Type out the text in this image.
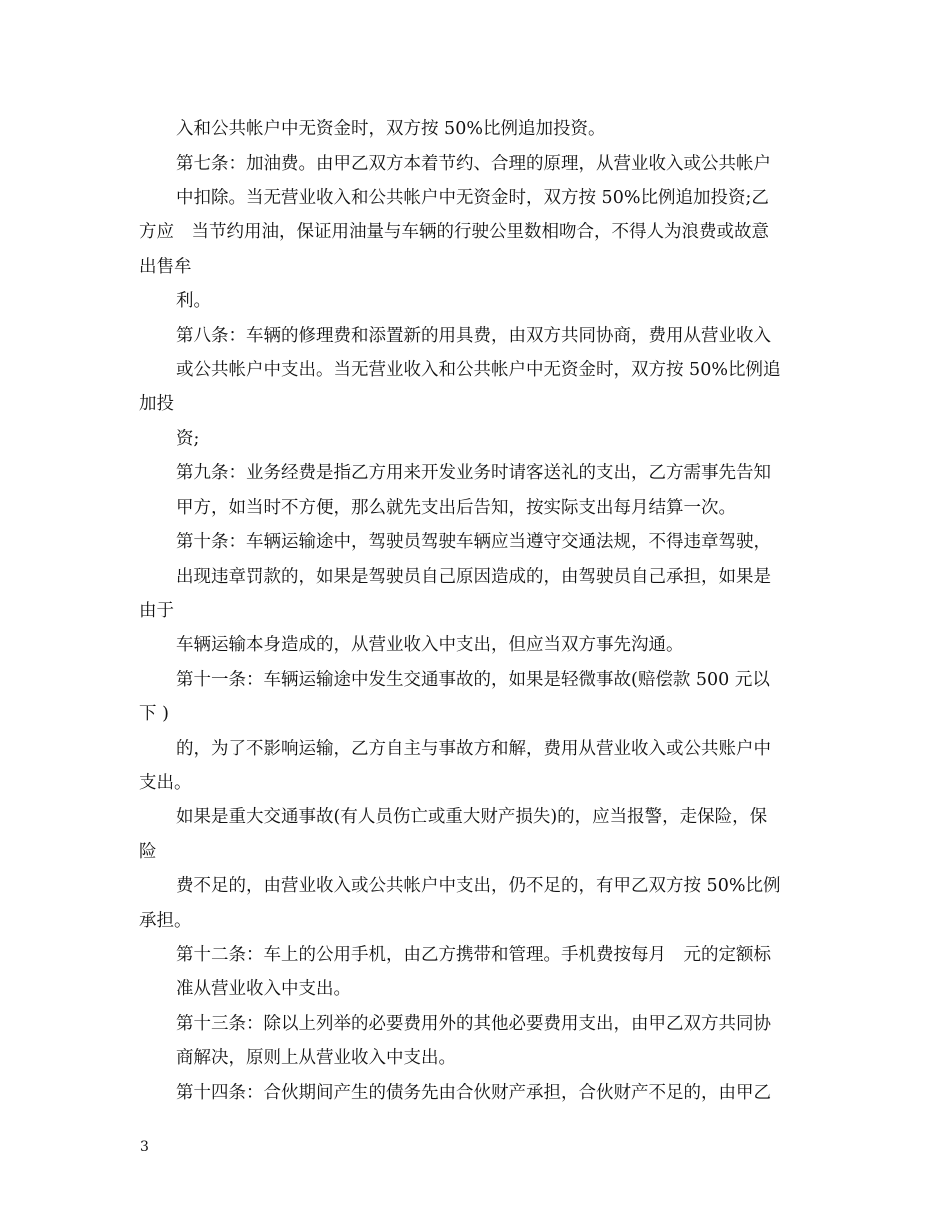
入和公共帐户中无资金时，双方按 50%比例追加投资。
第七条：加油费。由甲乙双方本着节约、合理的原理，从营业收入或公共帐户
中扣除。当无营业收入和公共帐户中无资金时，双方按 50%比例追加投资;乙
方应　当节约用油，保证用油量与车辆的行驶公里数相吻合，不得人为浪费或故意
出售牟
利。
第八条：车辆的修理费和添置新的用具费，由双方共同协商，费用从营业收入
或公共帐户中支出。当无营业收入和公共帐户中无资金时，双方按 50%比例追
加投
资;
第九条：业务经费是指乙方用来开发业务时请客送礼的支出，乙方需事先告知
甲方，如当时不方便，那么就先支出后告知，按实际支出每月结算一次。
第十条：车辆运输途中，驾驶员驾驶车辆应当遵守交通法规，不得违章驾驶，
出现违章罚款的，如果是驾驶员自己原因造成的，由驾驶员自己承担，如果是
由于
车辆运输本身造成的，从营业收入中支出，但应当双方事先沟通。
第十一条：车辆运输途中发生交通事故的，如果是轻微事故(赔偿款 500 元以
下 )
的，为了不影响运输，乙方自主与事故方和解，费用从营业收入或公共账户中
支出。
如果是重大交通事故(有人员伤亡或重大财产损失)的，应当报警，走保险，保
险
费不足的，由营业收入或公共帐户中支出，仍不足的，有甲乙双方按 50%比例
承担。
第十二条：车上的公用手机，由乙方携带和管理。手机费按每月　元的定额标
准从营业收入中支出。
第十三条：除以上列举的必要费用外的其他必要费用支出，由甲乙双方共同协
商解决，原则上从营业收入中支出。
第十四条：合伙期间产生的债务先由合伙财产承担，合伙财产不足的，由甲乙
3
